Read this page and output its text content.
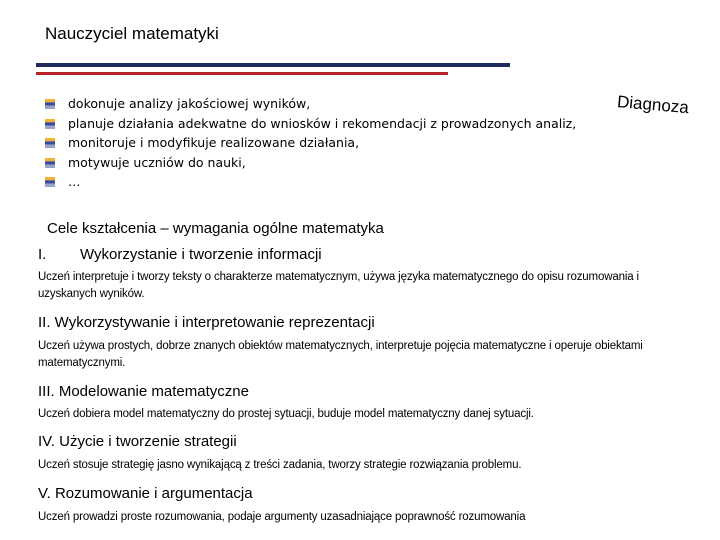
Nauczyciel matematyki
dokonuje analizy jakościowej wyników,
planuje działania adekwatne do wniosków i rekomendacji z prowadzonych analiz,
monitoruje i modyfikuje realizowane działania,
motywuje uczniów do nauki,
…
Diagnoza
Cele kształcenia – wymagania ogólne matematyka
I. Wykorzystanie i tworzenie informacji
Uczeń interpretuje i tworzy teksty o charakterze matematycznym, używa języka matematycznego do opisu rozumowania i uzyskanych wyników.
II. Wykorzystywanie i interpretowanie reprezentacji
Uczeń używa prostych, dobrze znanych obiektów matematycznych, interpretuje pojęcia matematyczne i operuje obiektami matematycznymi.
III. Modelowanie matematyczne
Uczeń dobiera model matematyczny do prostej sytuacji, buduje model matematyczny danej sytuacji.
IV. Użycie i tworzenie strategii
Uczeń stosuje strategię jasno wynikającą z treści zadania, tworzy strategie rozwiązania problemu.
V. Rozumowanie i argumentacja
Uczeń prowadzi proste rozumowania, podaje argumenty uzasadniające poprawność rozumowania
